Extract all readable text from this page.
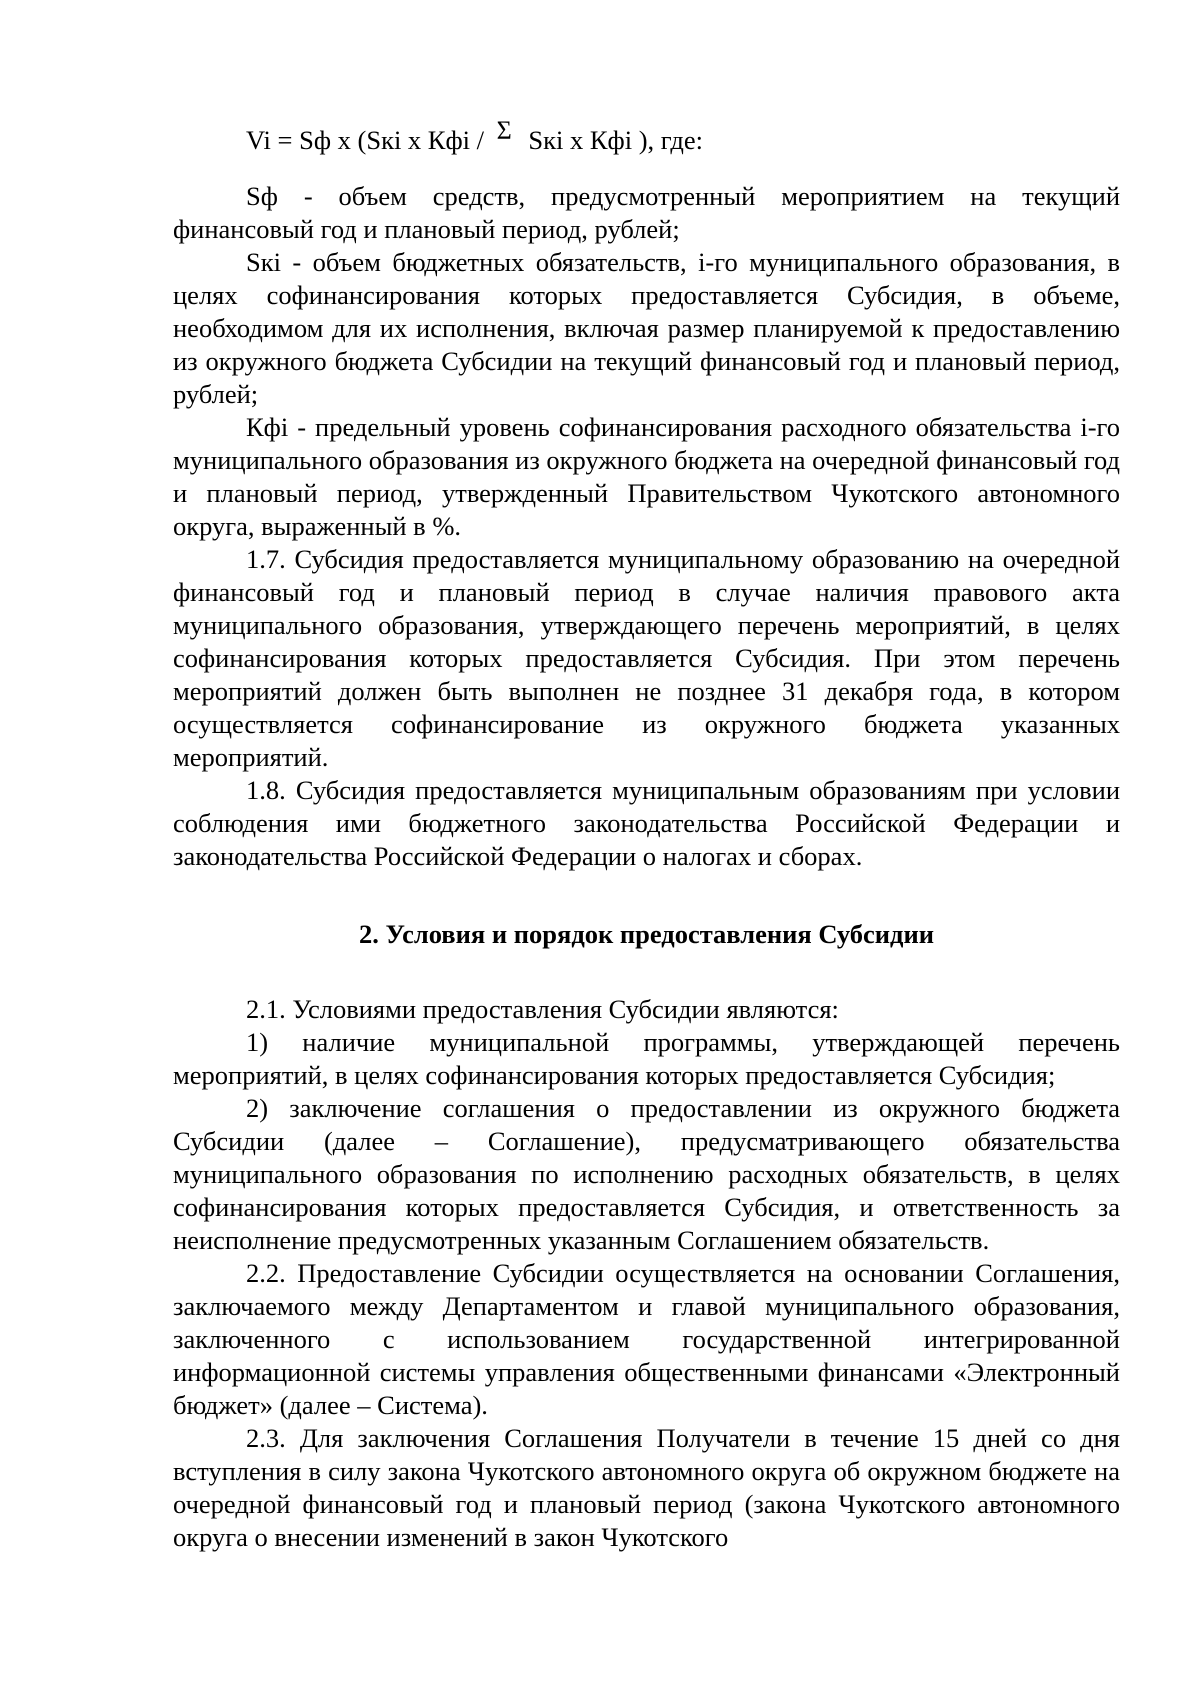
Vi = Sф x (Sкi x Кфi / Σ Sкi x Кфi ), где:

Sф - объем средств, предусмотренный мероприятием на текущий финансовый год и плановый период, рублей;

Sкi - объем бюджетных обязательств, i-го муниципального образования, в целях софинансирования которых предоставляется Субсидия, в объеме, необходимом для их исполнения, включая размер планируемой к предоставлению из окружного бюджета Субсидии на текущий финансовый год и плановый период, рублей;

Кфi - предельный уровень софинансирования расходного обязательства i-го муниципального образования из окружного бюджета на очередной финансовый год и плановый период, утвержденный Правительством Чукотского автономного округа, выраженный в %.

1.7. Субсидия предоставляется муниципальному образованию на очередной финансовый год и плановый период в случае наличия правового акта муниципального образования, утверждающего перечень мероприятий, в целях софинансирования которых предоставляется Субсидия. При этом перечень мероприятий должен быть выполнен не позднее 31 декабря года, в котором осуществляется софинансирование из окружного бюджета указанных мероприятий.

1.8. Субсидия предоставляется муниципальным образованиям при условии соблюдения ими бюджетного законодательства Российской Федерации и законодательства Российской Федерации о налогах и сборах.

2. Условия и порядок предоставления Субсидии

2.1. Условиями предоставления Субсидии являются:

1) наличие муниципальной программы, утверждающей перечень мероприятий, в целях софинансирования которых предоставляется Субсидия;

2) заключение соглашения о предоставлении из окружного бюджета Субсидии (далее – Соглашение), предусматривающего обязательства муниципального образования по исполнению расходных обязательств, в целях софинансирования которых предоставляется Субсидия, и ответственность за неисполнение предусмотренных указанным Соглашением обязательств.

2.2. Предоставление Субсидии осуществляется на основании Соглашения, заключаемого между Департаментом и главой муниципального образования, заключенного с использованием государственной интегрированной информационной системы управления общественными финансами «Электронный бюджет» (далее – Система).

2.3. Для заключения Соглашения Получатели в течение 15 дней со дня вступления в силу закона Чукотского автономного округа об окружном бюджете на очередной финансовый год и плановый период (закона Чукотского автономного округа о внесении изменений в закон Чукотского
